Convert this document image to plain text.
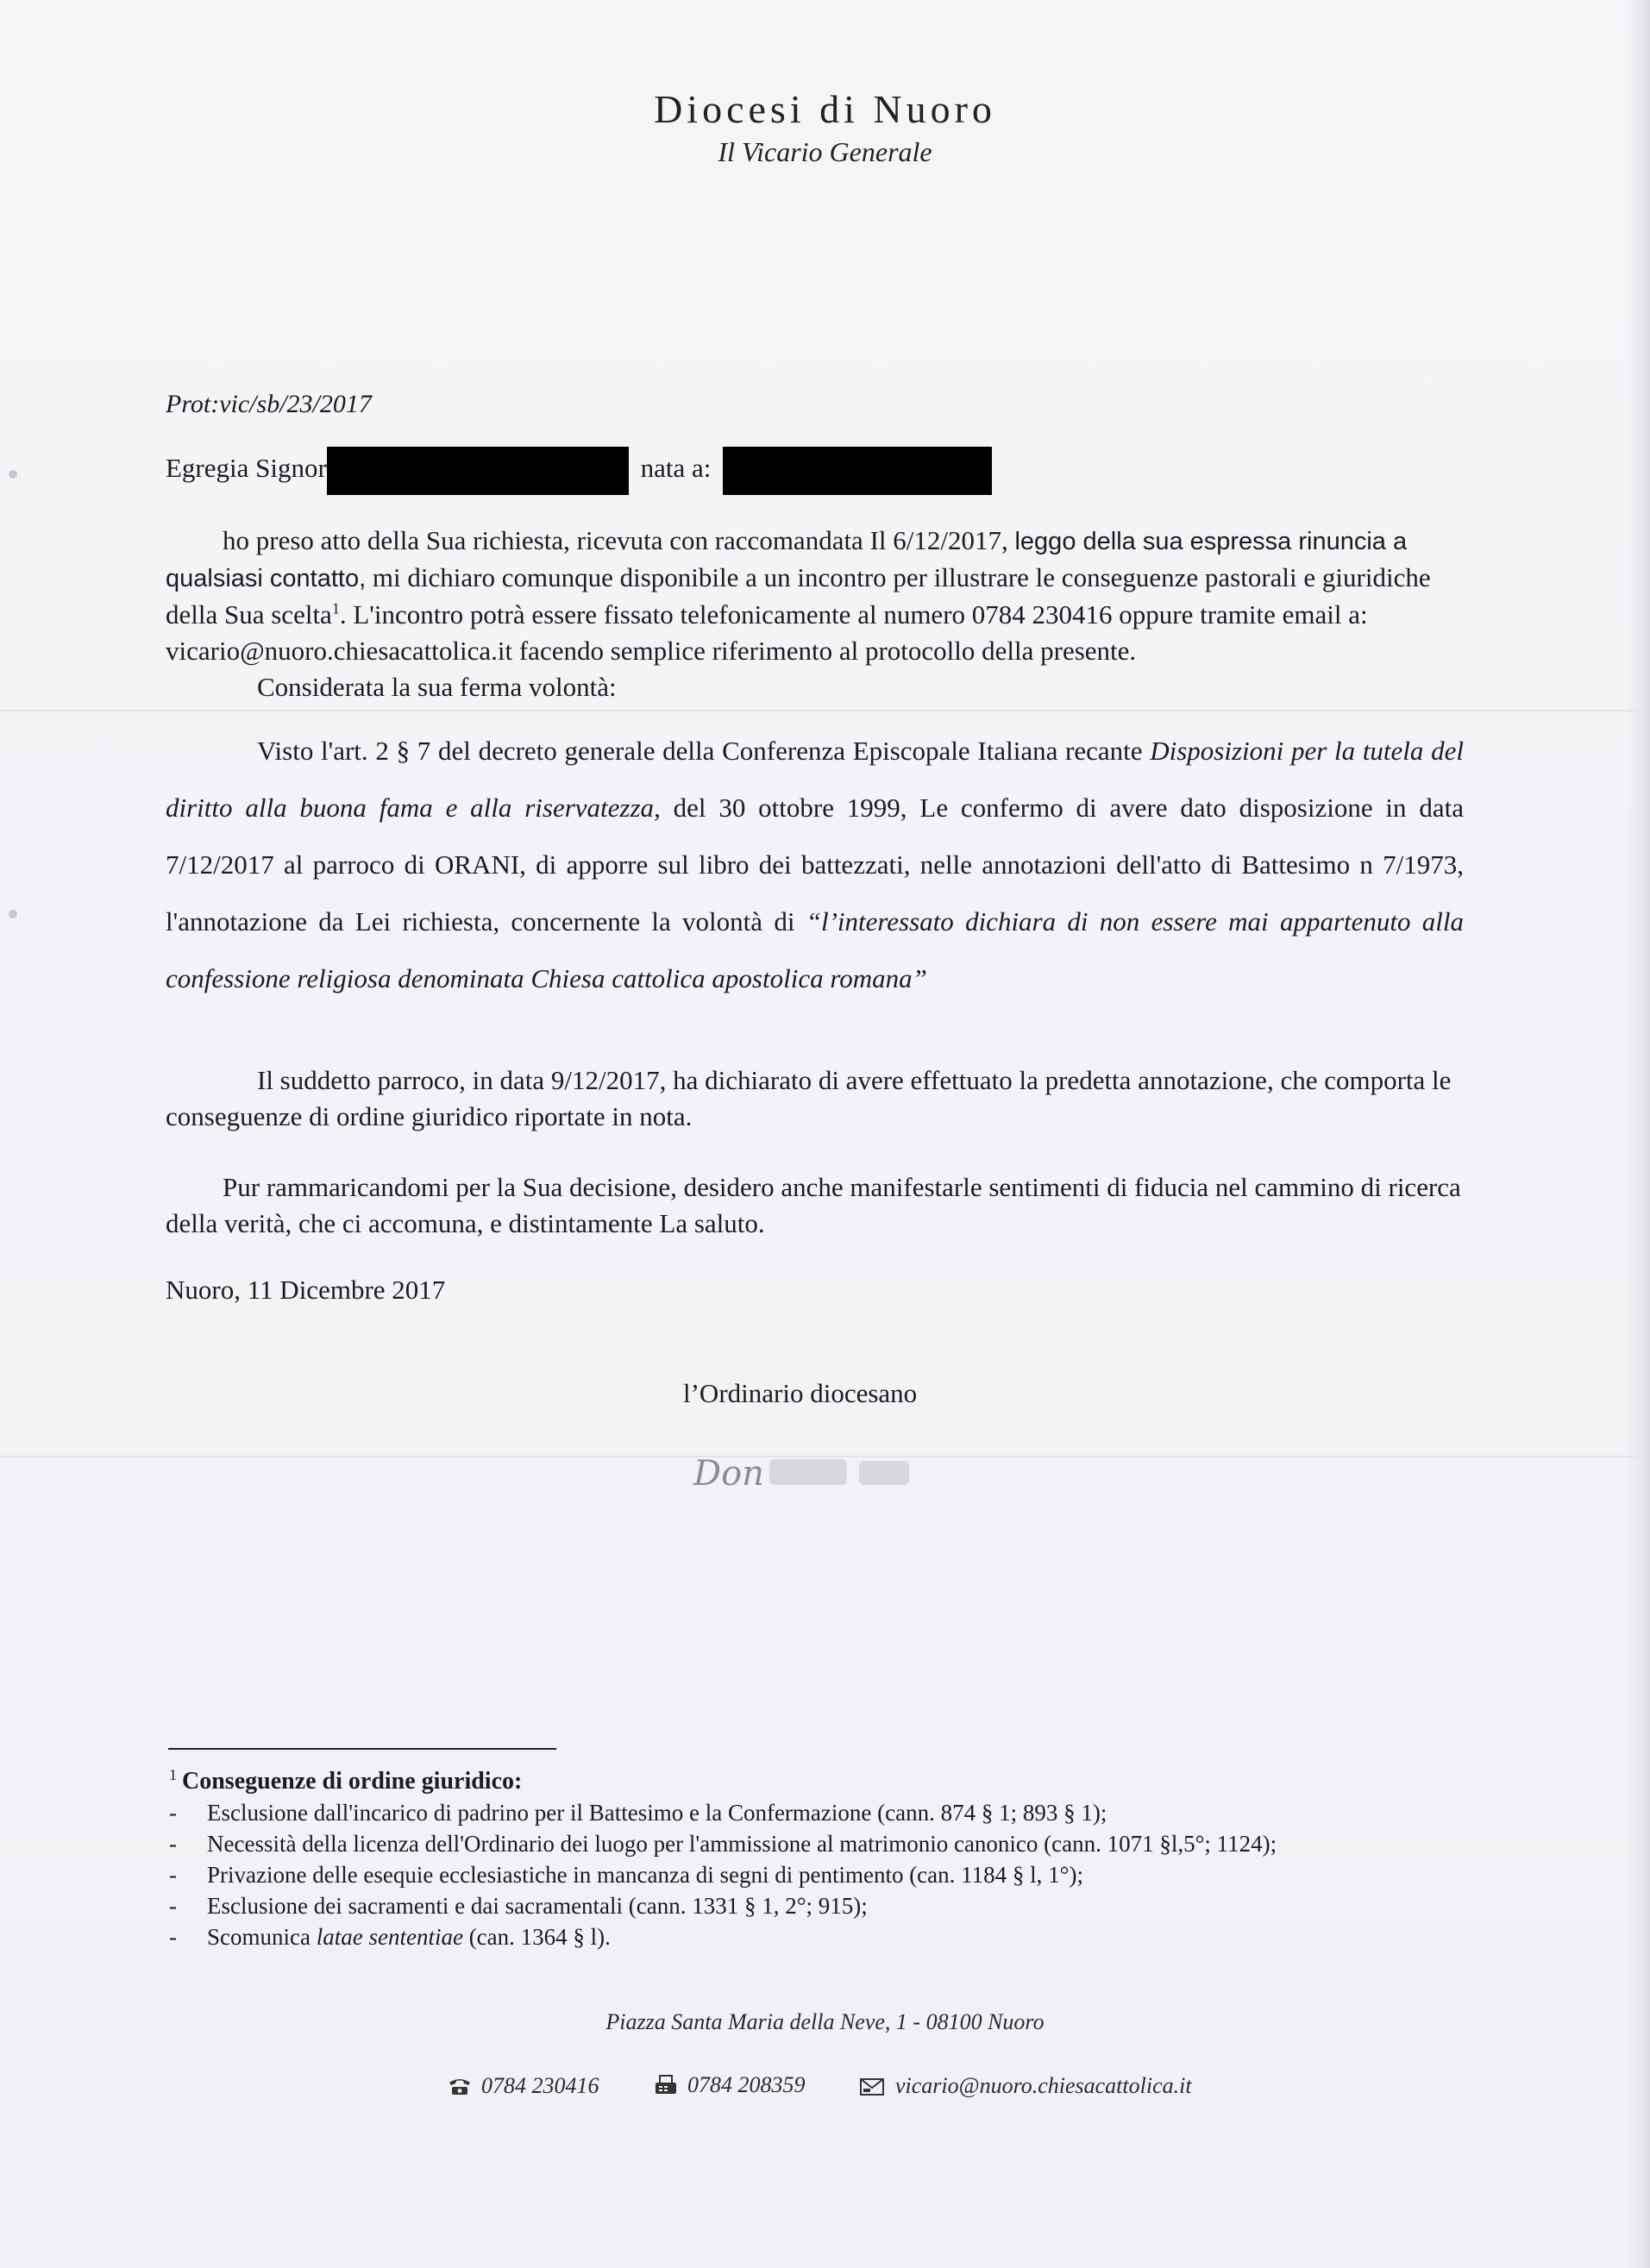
Diocesi di Nuoro
Il Vicario Generale
Prot:vic/sb/23/2017
Egregia Signor	nata a:

ho preso atto della Sua richiesta, ricevuta con raccomandata Il 6/12/2017, leggo della sua espressa rinuncia a qualsiasi contatto, mi dichiaro comunque disponibile a un incontro per illustrare le conseguenze pastorali e giuridiche della Sua scelta$^1$. L'incontro potrà essere fissato telefonicamente al numero 0784 230416 oppure tramite email a: vicario@nuoro.chiesacattolica.it facendo semplice riferimento al protocollo della presente.

Considerata la sua ferma volontà:

Visto l'art. 2 § 7 del decreto generale della Conferenza Episcopale Italiana recante Disposizioni per la tutela del diritto alla buona fama e alla riservatezza, del 30 ottobre 1999, Le confermo di avere dato disposizione in data 7/12/2017 al parroco di ORANI, di apporre sul libro dei battezzati, nelle annotazioni dell'atto di Battesimo n 7/1973, l'annotazione da Lei richiesta, concernente la volontà di “l’interessato dichiara di non essere mai appartenuto alla confessione religiosa denominata Chiesa cattolica apostolica romana”

Il suddetto parroco, in data 9/12/2017, ha dichiarato di avere effettuato la predetta annotazione, che comporta le conseguenze di ordine giuridico riportate in nota.

Pur rammaricandomi per la Sua decisione, desidero anche manifestarle sentimenti di fiducia nel cammino di ricerca della verità, che ci accomuna, e distintamente La saluto.

Nuoro, 11 Dicembre 2017
l’Ordinario diocesano
Don
$^1$ Conseguenze di ordine giuridico:
- Esclusione dall'incarico di padrino per il Battesimo e la Confermazione (cann. 874 § 1; 893 § 1);
- Necessità della licenza dell'Ordinario dei luogo per l'ammissione al matrimonio canonico (cann. 1071 §l,5°; 1124);
- Privazione delle esequie ecclesiastiche in mancanza di segni di pentimento (can. 1184 § l, 1°);
- Esclusione dei sacramenti e dai sacramentali (cann. 1331 § 1, 2°; 915);
- Scomunica latae sententiae (can. 1364 § l).
Piazza Santa Maria della Neve, 1 - 08100 Nuoro
0784 230416
	0784 208359
	vicario@nuoro.chiesacattolica.it
